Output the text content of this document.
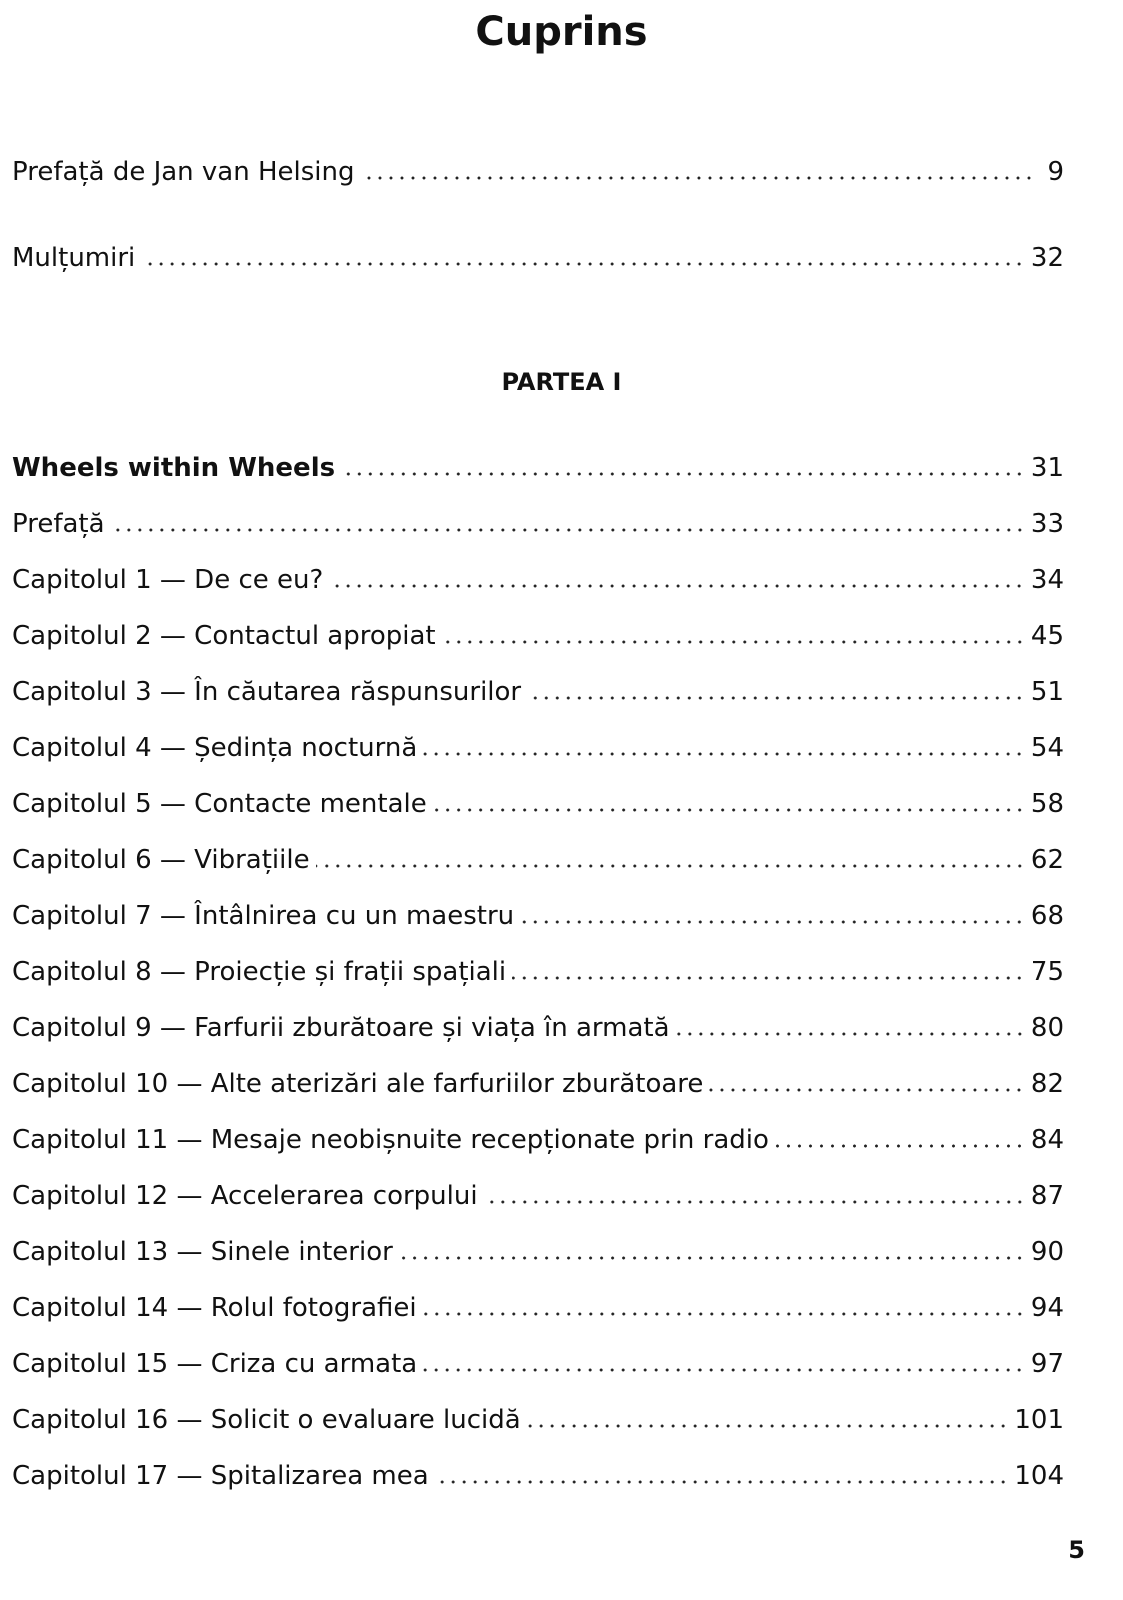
Cuprins
Prefață de Jan van Helsing	9
Mulțumiri	32
PARTEA I
Wheels within Wheels	31
Prefață	33
Capitolul 1 — De ce eu?	34
Capitolul 2 — Contactul apropiat	45
Capitolul 3 — În căutarea răspunsurilor	51
Capitolul 4 — Ședința nocturnă	54
Capitolul 5 — Contacte mentale	58
Capitolul 6 — Vibrațiile	62
Capitolul 7 — Întâlnirea cu un maestru	68
Capitolul 8 — Proiecție și frații spațiali	75
Capitolul 9 — Farfurii zburătoare și viața în armată	80
Capitolul 10 — Alte aterizări ale farfuriilor zburătoare	82
Capitolul 11 — Mesaje neobișnuite recepționate prin radio	84
Capitolul 12 — Accelerarea corpului	87
Capitolul 13 — Sinele interior	90
Capitolul 14 — Rolul fotografiei	94
Capitolul 15 — Criza cu armata	97
Capitolul 16 — Solicit o evaluare lucidă	101
Capitolul 17 — Spitalizarea mea	104
5
